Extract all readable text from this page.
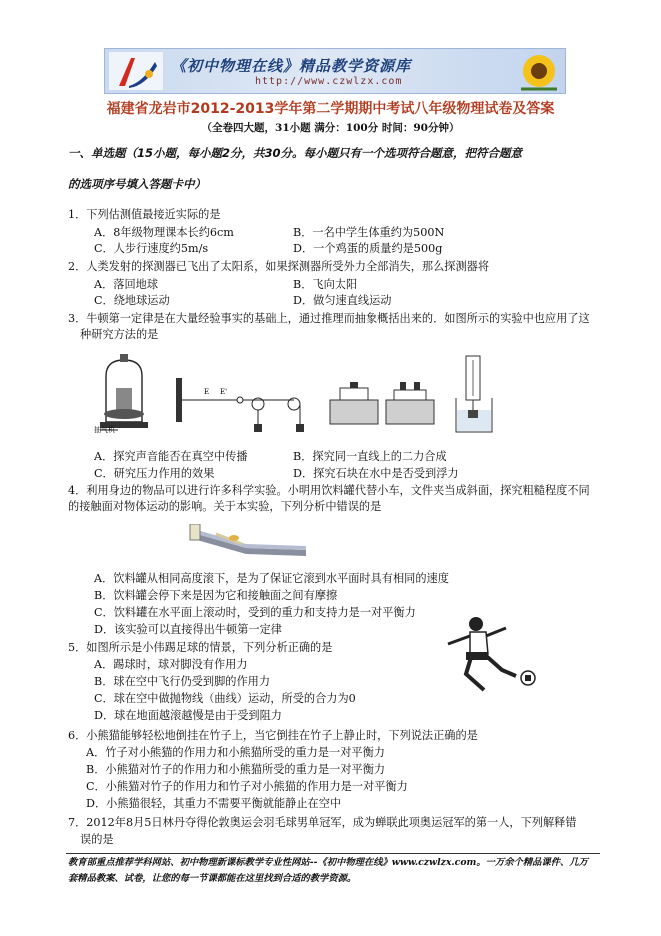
《初中物理在线》精品教学资源库
http://www.czwlzx.com
福建省龙岩市2012-2013学年第二学期期中考试八年级物理试卷及答案
（全卷四大题，31小题 满分：100分 时间：90分钟）
一、单选题（15小题，每小题2分，共30分。每小题只有一个选项符合题意，把符合题意
的选项序号填入答题卡中）
1．下列估测值最接近实际的是
A．8年级物理课本长约6cm	B．一名中学生体重约为500N
C．人步行速度约5m/s	D．一个鸡蛋的质量约是500g
2．人类发射的探测器已飞出了太阳系，如果探测器所受外力全部消失，那么探测器将
A．落回地球	B．飞向太阳
C．绕地球运动	D．做匀速直线运动
3．牛顿第一定律是在大量经验事实的基础上，通过推理而抽象概括出来的．如图所示的实验中也应用了这
种研究方法的是
抽气机
E E'
A．探究声音能否在真空中传播	B．探究同一直线上的二力合成
C．研究压力作用的效果	D．探究石块在水中是否受到浮力
4．利用身边的物品可以进行许多科学实验。小明用饮料罐代替小车，文件夹当成斜面，探究粗糙程度不同
的接触面对物体运动的影响。关于本实验，下列分析中错误的是
A．饮料罐从相同高度滚下，是为了保证它滚到水平面时具有相同的速度
B．饮料罐会停下来是因为它和接触面之间有摩擦
C．饮料罐在水平面上滚动时，受到的重力和支持力是一对平衡力
D．该实验可以直接得出牛顿第一定律
5．如图所示是小伟踢足球的情景，下列分析正确的是
A．踢球时，球对脚没有作用力
B．球在空中飞行仍受到脚的作用力
C．球在空中做抛物线（曲线）运动，所受的合力为0
D．球在地面越滚越慢是由于受到阻力
6．小熊猫能够轻松地倒挂在竹子上，当它倒挂在竹子上静止时，下列说法正确的是
A．竹子对小熊猫的作用力和小熊猫所受的重力是一对平衡力
B．小熊猫对竹子的作用力和小熊猫所受的重力是一对平衡力
C．小熊猫对竹子的作用力和竹子对小熊猫的作用力是一对平衡力
D．小熊猫很轻，其重力不需要平衡就能静止在空中
7．2012年8月5日林丹夺得伦敦奥运会羽毛球男单冠军，成为蝉联此项奥运冠军的第一人，下列解释错
误的是
教育部重点推荐学科网站、初中物理新课标教学专业性网站--《初中物理在线》www.czwlzx.com。一万余个精品课件、几万
套精品教案、试卷，让您的每一节课都能在这里找到合适的教学资源。
